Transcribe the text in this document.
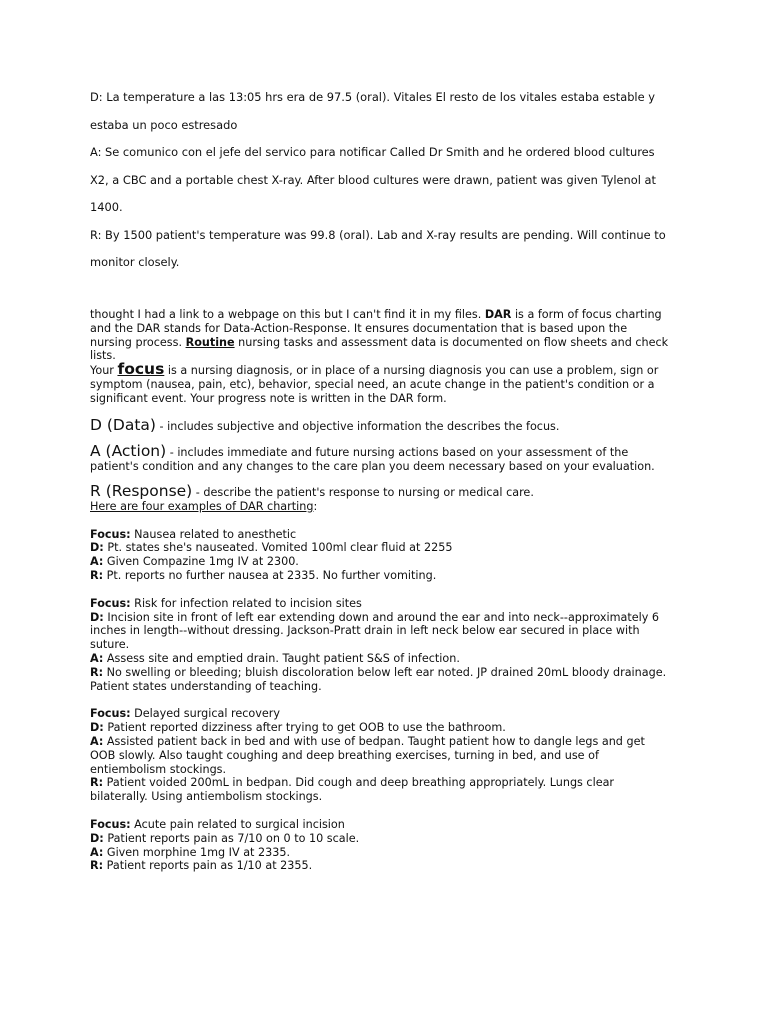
D: La temperature a las 13:05 hrs era de 97.5 (oral). Vitales El resto de los vitales estaba estable y

estaba un poco estresado

A: Se comunico con el jefe del servico para notificar Called Dr Smith and he ordered blood cultures

X2, a CBC and a portable chest X-ray. After blood cultures were drawn, patient was given Tylenol at

1400.

R: By 1500 patient's temperature was 99.8 (oral). Lab and X-ray results are pending. Will continue to

monitor closely.

thought I had a link to a webpage on this but I can't find it in my files. DAR is a form of focus charting
and the DAR stands for Data-Action-Response. It ensures documentation that is based upon the
nursing process. Routine nursing tasks and assessment data is documented on flow sheets and check
lists.
Your focus is a nursing diagnosis, or in place of a nursing diagnosis you can use a problem, sign or
symptom (nausea, pain, etc), behavior, special need, an acute change in the patient's condition or a
significant event. Your progress note is written in the DAR form.
D (Data) - includes subjective and objective information the describes the focus.
A (Action) - includes immediate and future nursing actions based on your assessment of the
patient's condition and any changes to the care plan you deem necessary based on your evaluation.
R (Response) - describe the patient's response to nursing or medical care.
Here are four examples of DAR charting:
Focus: Nausea related to anesthetic
D: Pt. states she's nauseated. Vomited 100ml clear fluid at 2255
A: Given Compazine 1mg IV at 2300.
R: Pt. reports no further nausea at 2335. No further vomiting.
Focus: Risk for infection related to incision sites
D: Incision site in front of left ear extending down and around the ear and into neck--approximately 6
inches in length--without dressing. Jackson-Pratt drain in left neck below ear secured in place with
suture.
A: Assess site and emptied drain. Taught patient S&S of infection.
R: No swelling or bleeding; bluish discoloration below left ear noted. JP drained 20mL bloody drainage.
Patient states understanding of teaching.
Focus: Delayed surgical recovery
D: Patient reported dizziness after trying to get OOB to use the bathroom.
A: Assisted patient back in bed and with use of bedpan. Taught patient how to dangle legs and get
OOB slowly. Also taught coughing and deep breathing exercises, turning in bed, and use of
entiembolism stockings.
R: Patient voided 200mL in bedpan. Did cough and deep breathing appropriately. Lungs clear
bilaterally. Using antiembolism stockings.
Focus: Acute pain related to surgical incision
D: Patient reports pain as 7/10 on 0 to 10 scale.
A: Given morphine 1mg IV at 2335.
R: Patient reports pain as 1/10 at 2355.
